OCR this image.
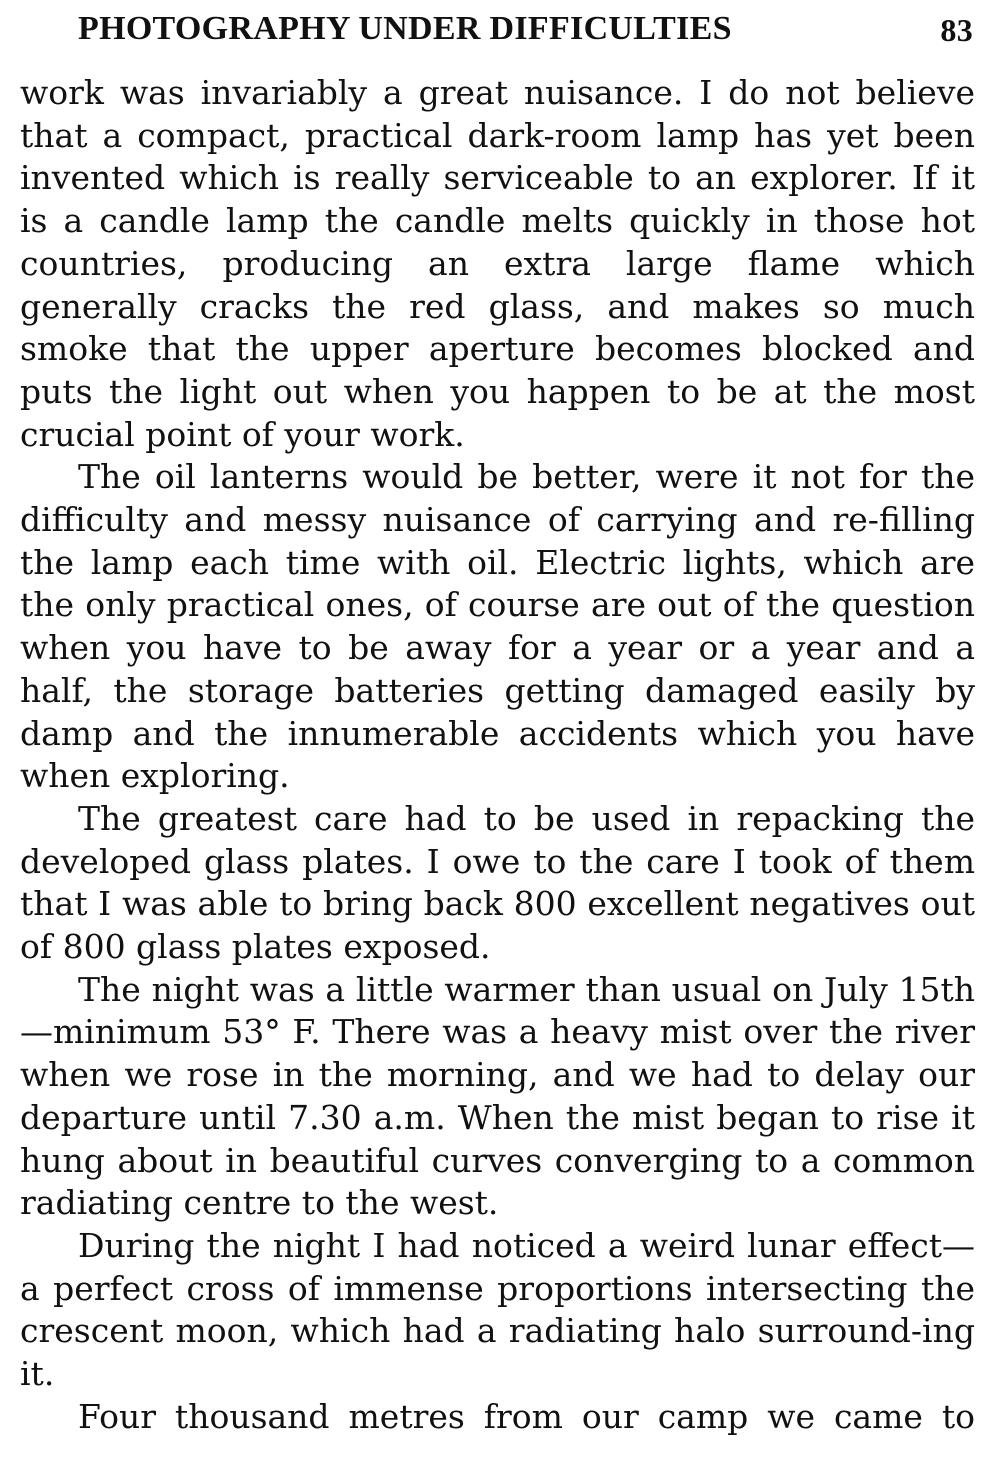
PHOTOGRAPHY UNDER DIFFICULTIES	83

work was invariably a great nuisance. I do not believe that a compact, practical dark-room lamp has yet been invented which is really serviceable to an explorer. If it is a candle lamp the candle melts quickly in those hot countries, producing an extra large flame which generally cracks the red glass, and makes so much smoke that the upper aperture becomes blocked and puts the light out when you happen to be at the most crucial point of your work.

The oil lanterns would be better, were it not for the difficulty and messy nuisance of carrying and re-filling the lamp each time with oil. Electric lights, which are the only practical ones, of course are out of the question when you have to be away for a year or a year and a half, the storage batteries getting damaged easily by damp and the innumerable accidents which you have when exploring.

The greatest care had to be used in repacking the developed glass plates. I owe to the care I took of them that I was able to bring back 800 excellent negatives out of 800 glass plates exposed.

The night was a little warmer than usual on July 15th—minimum 53° F. There was a heavy mist over the river when we rose in the morning, and we had to delay our departure until 7.30 a.m. When the mist began to rise it hung about in beautiful curves converging to a common radiating centre to the west.

During the night I had noticed a weird lunar effect—a perfect cross of immense proportions intersecting the crescent moon, which had a radiating halo surround-ing it.

Four thousand metres from our camp we came to
